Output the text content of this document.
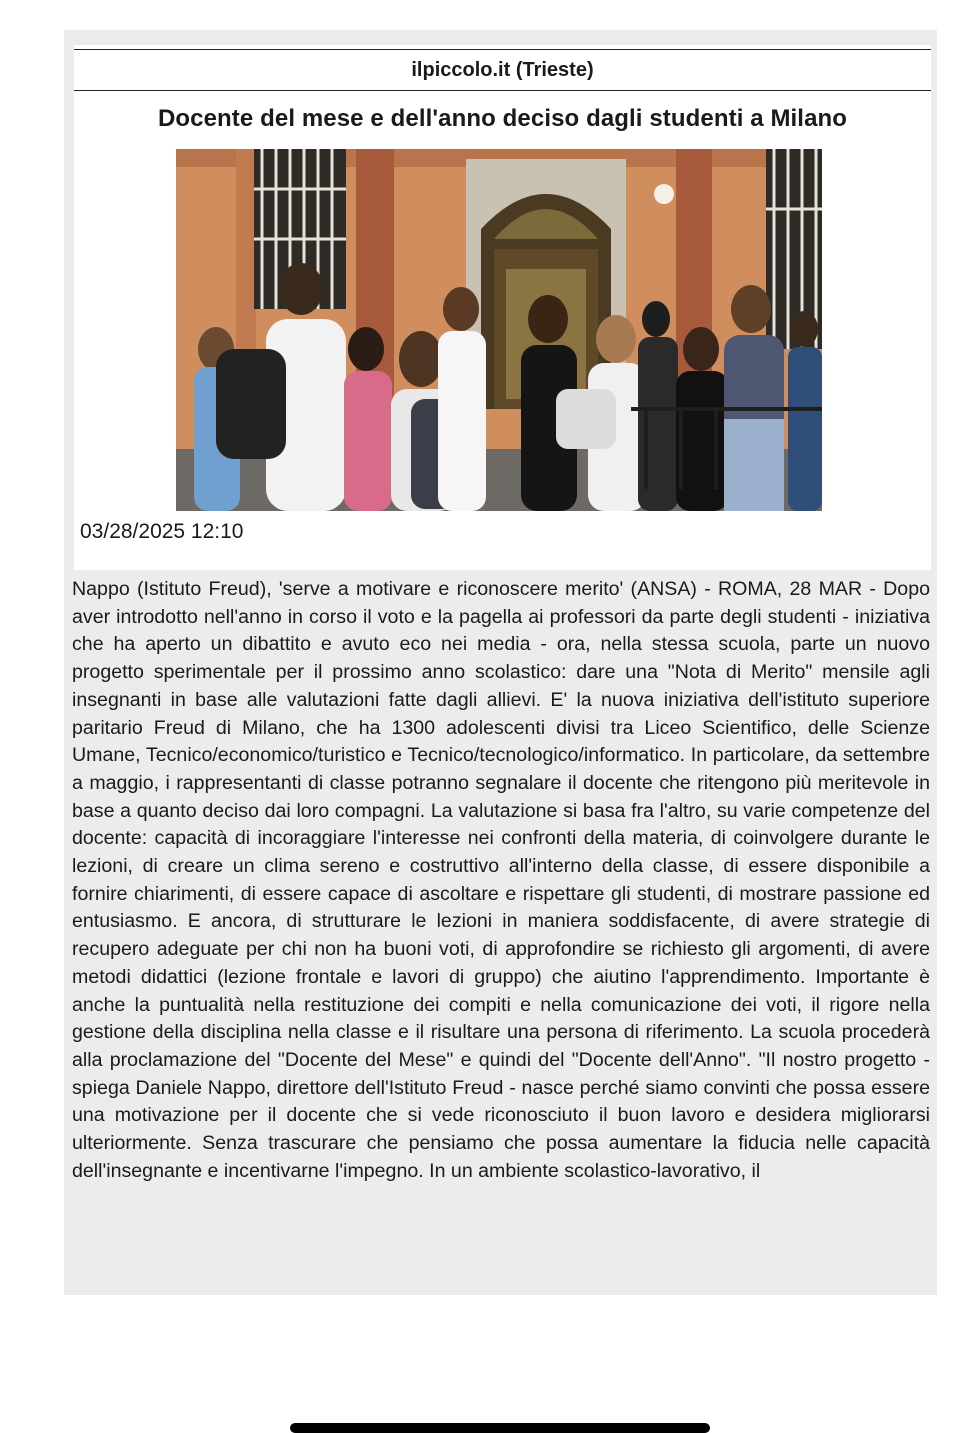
ilpiccolo.it (Trieste)
Docente del mese e dell'anno deciso dagli studenti a Milano
03/28/2025 12:10

Nappo (Istituto Freud), 'serve a motivare e riconoscere merito' (ANSA) - ROMA, 28 MAR - Dopo aver introdotto nell'anno in corso il voto e la pagella ai professori da parte degli studenti - iniziativa che ha aperto un dibattito e avuto eco nei media - ora, nella stessa scuola, parte un nuovo progetto sperimentale per il prossimo anno scolastico: dare una "Nota di Merito" mensile agli insegnanti in base alle valutazioni fatte dagli allievi. E' la nuova iniziativa dell'istituto superiore paritario Freud di Milano, che ha 1300 adolescenti divisi tra Liceo Scientifico, delle Scienze Umane, Tecnico/economico/turistico e Tecnico/tecnologico/informatico. In particolare, da settembre a maggio, i rappresentanti di classe potranno segnalare il docente che ritengono più meritevole in base a quanto deciso dai loro compagni. La valutazione si basa fra l'altro, su varie competenze del docente: capacità di incoraggiare l'interesse nei confronti della materia, di coinvolgere durante le lezioni, di creare un clima sereno e costruttivo all'interno della classe, di essere disponibile a fornire chiarimenti, di essere capace di ascoltare e rispettare gli studenti, di mostrare passione ed entusiasmo. E ancora, di strutturare le lezioni in maniera soddisfacente, di avere strategie di recupero adeguate per chi non ha buoni voti, di approfondire se richiesto gli argomenti, di avere metodi didattici (lezione frontale e lavori di gruppo) che aiutino l'apprendimento. Importante è anche la puntualità nella restituzione dei compiti e nella comunicazione dei voti, il rigore nella gestione della disciplina nella classe e il risultare una persona di riferimento. La scuola procederà alla proclamazione del "Docente del Mese" e quindi del "Docente dell'Anno". "Il nostro progetto - spiega Daniele Nappo, direttore dell'Istituto Freud - nasce perché siamo convinti che possa essere una motivazione per il docente che si vede riconosciuto il buon lavoro e desidera migliorarsi ulteriormente. Senza trascurare che pensiamo che possa aumentare la fiducia nelle capacità dell'insegnante e incentivarne l'impegno. In un ambiente scolastico-lavorativo, il
